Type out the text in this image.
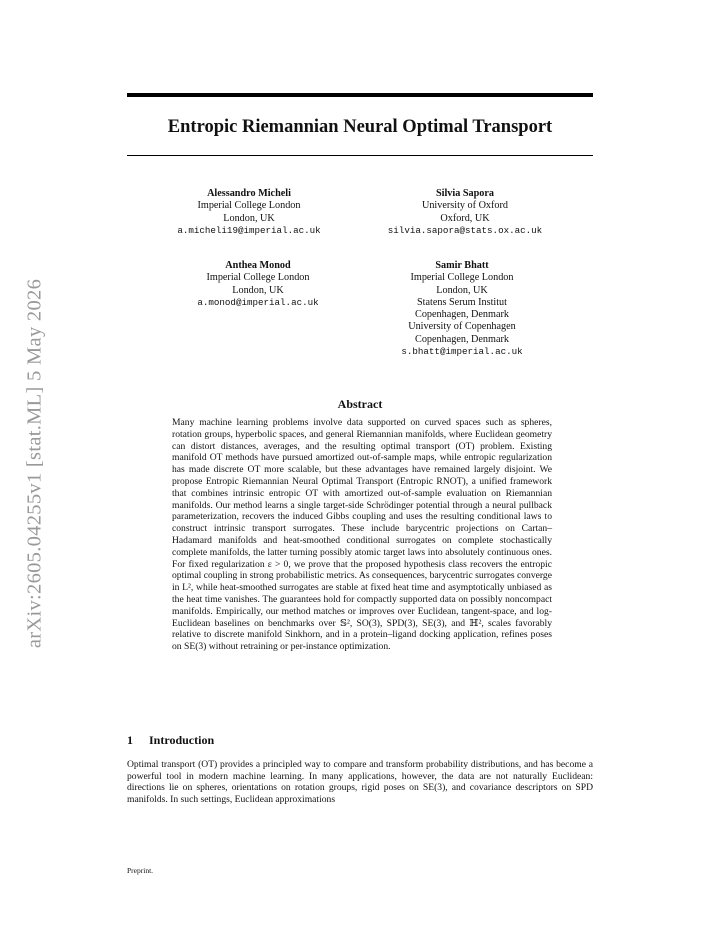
arXiv:2605.04255v1 [stat.ML] 5 May 2026
Entropic Riemannian Neural Optimal Transport
Alessandro Micheli
Imperial College London
London, UK
a.micheli19@imperial.ac.uk
Silvia Sapora
University of Oxford
Oxford, UK
silvia.sapora@stats.ox.ac.uk
Anthea Monod
Imperial College London
London, UK
a.monod@imperial.ac.uk
Samir Bhatt
Imperial College London
London, UK
Statens Serum Institut
Copenhagen, Denmark
University of Copenhagen
Copenhagen, Denmark
s.bhatt@imperial.ac.uk
Abstract

Many machine learning problems involve data supported on curved spaces such as spheres, rotation groups, hyperbolic spaces, and general Riemannian manifolds, where Euclidean geometry can distort distances, averages, and the resulting optimal transport (OT) problem. Existing manifold OT methods have pursued amortized out-of-sample maps, while entropic regularization has made discrete OT more scalable, but these advantages have remained largely disjoint. We propose Entropic Riemannian Neural Optimal Transport (Entropic RNOT), a unified framework that combines intrinsic entropic OT with amortized out-of-sample evaluation on Riemannian manifolds. Our method learns a single target-side Schrödinger potential through a neural pullback parameterization, recovers the induced Gibbs coupling and uses the resulting conditional laws to construct intrinsic transport surrogates. These include barycentric projections on Cartan–Hadamard manifolds and heat-smoothed conditional surrogates on complete stochastically complete manifolds, the latter turning possibly atomic target laws into absolutely continuous ones. For fixed regularization ε > 0, we prove that the proposed hypothesis class recovers the entropic optimal coupling in strong probabilistic metrics. As consequences, barycentric surrogates converge in L², while heat-smoothed surrogates are stable at fixed heat time and asymptotically unbiased as the heat time vanishes. The guarantees hold for compactly supported data on possibly noncompact manifolds. Empirically, our method matches or improves over Euclidean, tangent-space, and log-Euclidean baselines on benchmarks over 𝕊², SO(3), SPD(3), SE(3), and ℍ², scales favorably relative to discrete manifold Sinkhorn, and in a protein–ligand docking application, refines poses on SE(3) without retraining or per-instance optimization.

1 Introduction

Optimal transport (OT) provides a principled way to compare and transform probability distributions, and has become a powerful tool in modern machine learning. In many applications, however, the data are not naturally Euclidean: directions lie on spheres, orientations on rotation groups, rigid poses on SE(3), and covariance descriptors on SPD manifolds. In such settings, Euclidean approximations

Preprint.
